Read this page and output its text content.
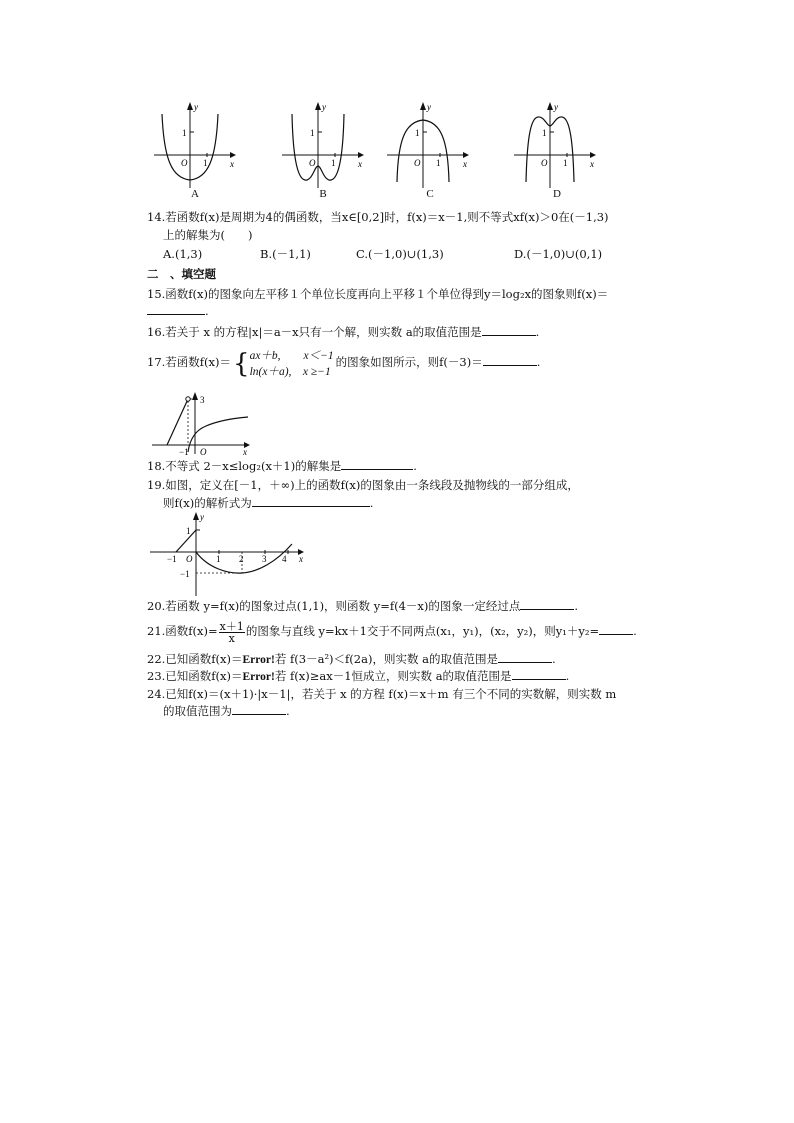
y
x
O
1
1
A
y
x
O
1
1
B
y
x
O
1
1
C
y
x
O
1
1
D
14.若函数f(x)是周期为4的偶函数，当x∈[0,2]时，f(x)＝x－1,则不等式xf(x)＞0在(－1,3)
上的解集为(　　)
A.(1,3)	B.(－1,1)	C.(－1,0)∪(1,3)	D.(－1,0)∪(0,1)
二　、填空题
15.函数f(x)的图象向左平移１个单位长度再向上平移１个单位得到y＝log₂x的图象则f(x)＝
.
16.若关于 x 的方程|x|＝a－x只有一个解，则实数 a的取值范围是	.
17.若函数f(x)＝{ ax＋b,　　x＜−1
ln(x＋a),　x ≥−1
的图象如图所示，则f(－3)＝	.
3
−1 O	x
18.不等式 2－x≤log₂(x＋1)的解集是	.
19.如图，定义在[－1，＋∞)上的函数f(x)的图象由一条线段及抛物线的一部分组成，
则f(x)的解析式为	.
y
x
1
−1
−1 O	1 2 3 4
20.若函数 y=f(x)的图象过点(1,1)，则函数 y=f(4－x)的图象一定经过点	.
21.函数$f(x)= \frac{x+1}{x}$ 的图象与直线 y=kx＋1交于不同两点(x₁，y₁)，(x₂，y₂)，则y₁＋y₂=	.
22.已知函数f(x)＝Error!若 f(3－a²)＜f(2a)，则实数 a的取值范围是	.
23.已知函数f(x)＝Error!若 f(x)≥ax－1恒成立，则实数 a的取值范围是	.
24.已知f(x)＝(x＋1)·|x－1|，若关于 x 的方程 f(x)＝x＋m 有三个不同的实数解，则实数 m
的取值范围为	.
